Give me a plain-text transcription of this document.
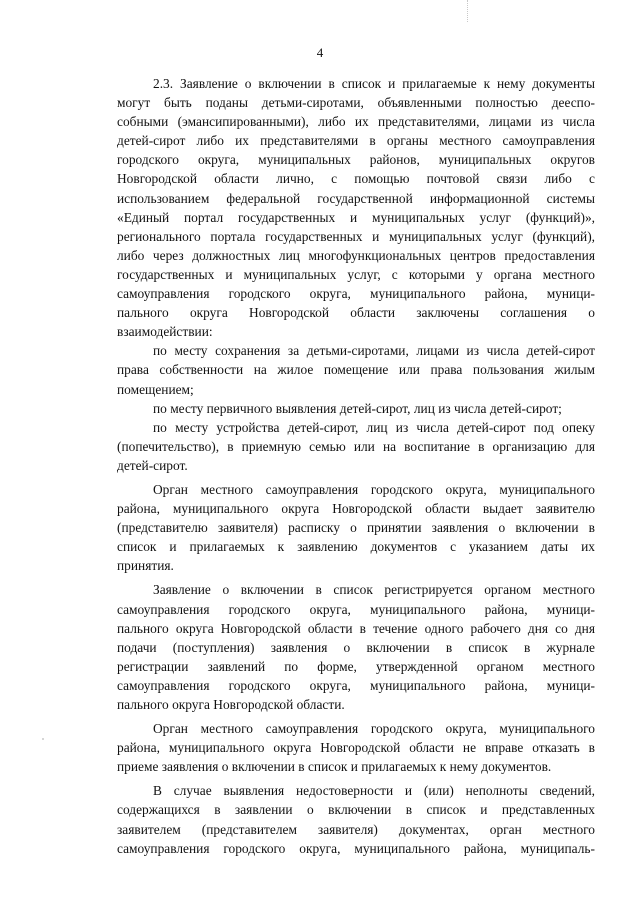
4

2.3. Заявление о включении в список и прилагаемые к нему документы
могут быть поданы детьми-сиротами, объявленными полностью дееспо-
собными (эмансипированными), либо их представителями, лицами из числа
детей-сирот либо их представителями в органы местного самоуправления
городского округа, муниципальных районов, муниципальных округов
Новгородской области лично, с помощью почтовой связи либо с
использованием федеральной государственной информационной системы
«Единый портал государственных и муниципальных услуг (функций)»,
регионального портала государственных и муниципальных услуг (функций),
либо через должностных лиц многофункциональных центров предоставления
государственных и муниципальных услуг, с которыми у органа местного
самоуправления городского округа, муниципального района, муници-
пального округа Новгородской области заключены соглашения о
взаимодействии:

по месту сохранения за детьми-сиротами, лицами из числа детей-сирот
права собственности на жилое помещение или права пользования жилым
помещением;

по месту первичного выявления детей-сирот, лиц из числа детей-сирот;

по месту устройства детей-сирот, лиц из числа детей-сирот под опеку
(попечительство), в приемную семью или на воспитание в организацию для
детей-сирот.

Орган местного самоуправления городского округа, муниципального
района, муниципального округа Новгородской области выдает заявителю
(представителю заявителя) расписку о принятии заявления о включении в
список и прилагаемых к заявлению документов с указанием даты их
принятия.

Заявление о включении в список регистрируется органом местного
самоуправления городского округа, муниципального района, муници-
пального округа Новгородской области в течение одного рабочего дня со дня
подачи (поступления) заявления о включении в список в журнале
регистрации заявлений по форме, утвержденной органом местного
самоуправления городского округа, муниципального района, муници-
пального округа Новгородской области.

Орган местного самоуправления городского округа, муниципального
района, муниципального округа Новгородской области не вправе отказать в
приеме заявления о включении в список и прилагаемых к нему документов.

В случае выявления недостоверности и (или) неполноты сведений,
содержащихся в заявлении о включении в список и представленных
заявителем (представителем заявителя) документах, орган местного
самоуправления городского округа, муниципального района, муниципаль-
